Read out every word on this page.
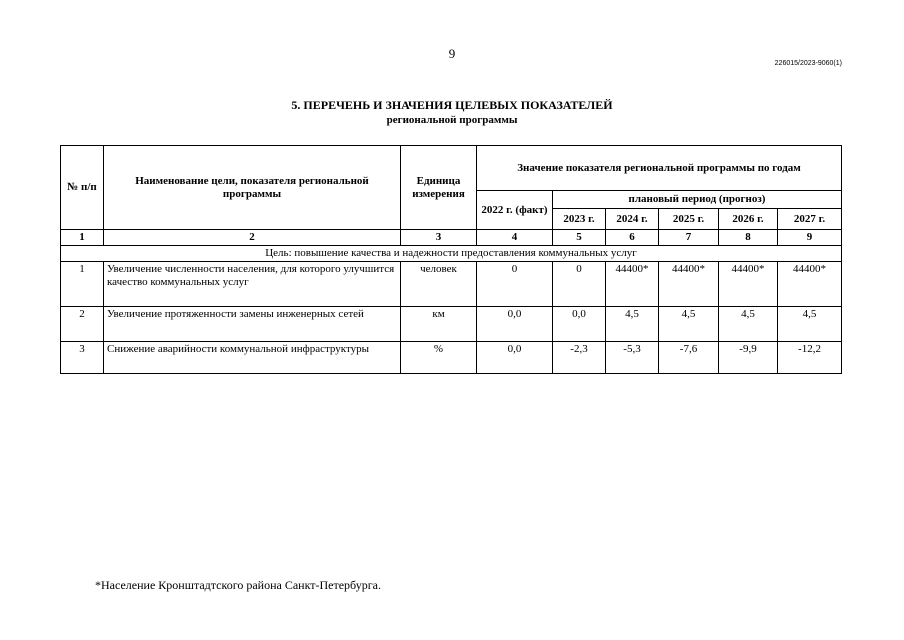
9
226015/2023-9060(1)
5. ПЕРЕЧЕНЬ И ЗНАЧЕНИЯ ЦЕЛЕВЫХ ПОКАЗАТЕЛЕЙ
региональной программы
№ п/п	Наименование цели, показателя региональной программы	Единица измерения	Значение показателя региональной программы по годам					
			2022 г. (факт)	плановый период (прогноз)				
				2023 г.	2024 г.	2025 г.	2026 г.	2027 г.
1	2	3	4	5	6	7	8	9
Цель: повышение качества и надежности предоставления коммунальных услуг								
1	Увеличение численности населения, для которого улучшится качество коммунальных услуг	человек	0	0	44400*	44400*	44400*	44400*
2	Увеличение протяженности замены инженерных сетей	км	0,0	0,0	4,5	4,5	4,5	4,5
3	Снижение аварийности коммунальной инфраструктуры	%	0,0	-2,3	-5,3	-7,6	-9,9	-12,2
*Население Кронштадтского района Санкт-Петербурга.
